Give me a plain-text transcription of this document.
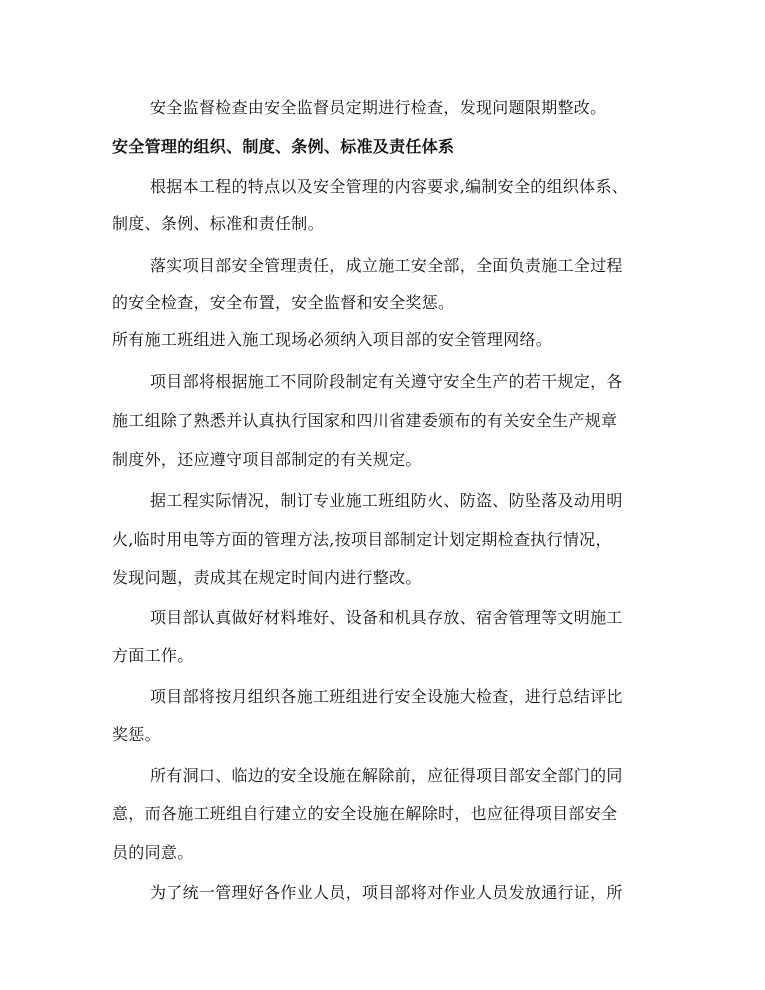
安全监督检查由安全监督员定期进行检查，发现问题限期整改。
安全管理的组织、制度、条例、标准及责任体系
根据本工程的特点以及安全管理的内容要求,编制安全的组织体系、
制度、条例、标准和责任制。
落实项目部安全管理责任，成立施工安全部，全面负责施工全过程
的安全检查，安全布置，安全监督和安全奖惩。
所有施工班组进入施工现场必须纳入项目部的安全管理网络。
项目部将根据施工不同阶段制定有关遵守安全生产的若干规定，各
施工组除了熟悉并认真执行国家和四川省建委颁布的有关安全生产规章
制度外，还应遵守项目部制定的有关规定。
据工程实际情况，制订专业施工班组防火、防盗、防坠落及动用明
火,临时用电等方面的管理方法,按项目部制定计划定期检查执行情况，
发现问题，责成其在规定时间内进行整改。
项目部认真做好材料堆好、设备和机具存放、宿舍管理等文明施工
方面工作。
项目部将按月组织各施工班组进行安全设施大检查，进行总结评比
奖惩。
所有洞口、临边的安全设施在解除前，应征得项目部安全部门的同
意，而各施工班组自行建立的安全设施在解除时，也应征得项目部安全
员的同意。
为了统一管理好各作业人员，项目部将对作业人员发放通行证，所
